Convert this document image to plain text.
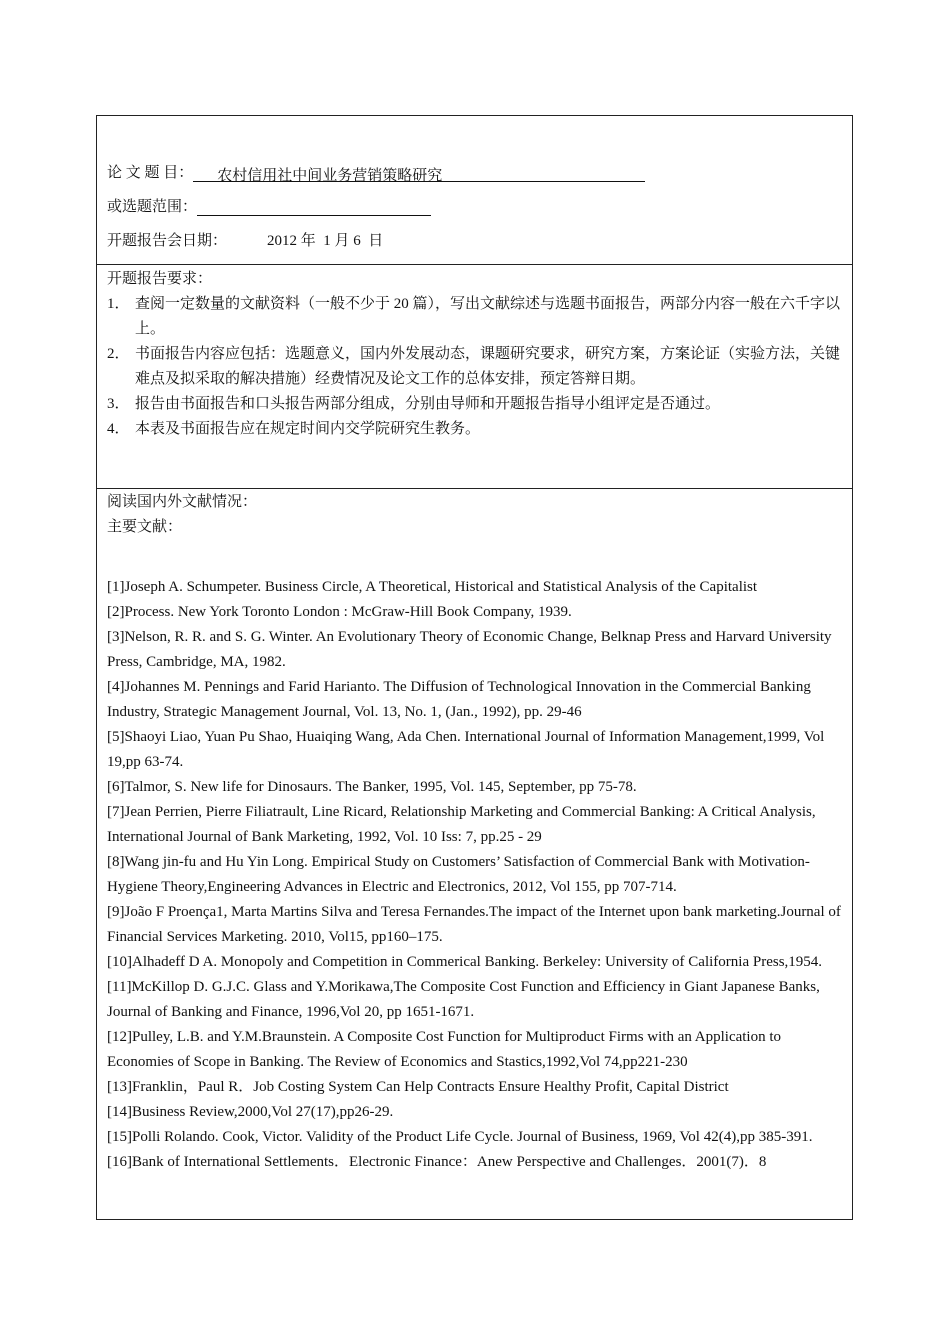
论 文 题 目： 农村信用社中间业务营销策略研究
或选题范围：
开题报告会日期：	2012 年  1 月 6  日
开题报告要求：
1． 查阅一定数量的文献资料（一般不少于 20 篇），写出文献综述与选题书面报告，两部分内容一般在六千字以上。
2． 书面报告内容应包括：选题意义，国内外发展动态，课题研究要求，研究方案，方案论证（实验方法，关键难点及拟采取的解决措施）经费情况及论文工作的总体安排，预定答辩日期。
3． 报告由书面报告和口头报告两部分组成，分别由导师和开题报告指导小组评定是否通过。
4． 本表及书面报告应在规定时间内交学院研究生教务。
阅读国内外文献情况：
主要文献：

[1]Joseph A. Schumpeter. Business Circle, A Theoretical, Historical and Statistical Analysis of the Capitalist

[2]Process. New York Toronto London : McGraw-Hill Book Company, 1939.

[3]Nelson, R. R. and S. G. Winter. An Evolutionary Theory of Economic Change, Belknap Press and Harvard University Press, Cambridge, MA, 1982.

[4]Johannes M. Pennings and Farid Harianto. The Diffusion of Technological Innovation in the Commercial Banking Industry, Strategic Management Journal, Vol. 13, No. 1, (Jan., 1992), pp. 29-46

[5]Shaoyi Liao, Yuan Pu Shao, Huaiqing Wang, Ada Chen. International Journal of Information Management,1999, Vol 19,pp 63-74.

[6]Talmor, S. New life for Dinosaurs. The Banker, 1995, Vol. 145, September, pp 75-78.

[7]Jean Perrien, Pierre Filiatrault, Line Ricard, Relationship Marketing and Commercial Banking: A Critical Analysis, International Journal of Bank Marketing, 1992, Vol. 10 Iss: 7, pp.25 - 29

[8]Wang jin-fu and Hu Yin Long. Empirical Study on Customers’ Satisfaction of Commercial Bank with Motivation-Hygiene Theory,Engineering Advances in Electric and Electronics, 2012, Vol 155, pp 707-714.

[9]João F Proença1, Marta Martins Silva and Teresa Fernandes.The impact of the Internet upon bank marketing.Journal of Financial Services Marketing. 2010, Vol15, pp160–175.

[10]Alhadeff D A. Monopoly and Competition in Commerical Banking. Berkeley: University of California Press,1954.

[11]McKillop D. G.J.C. Glass and Y.Morikawa,The Composite Cost Function and Efficiency in Giant Japanese Banks, Journal of Banking and Finance, 1996,Vol 20, pp 1651-1671.

[12]Pulley, L.B. and Y.M.Braunstein. A Composite Cost Function for Multiproduct Firms with an Application to Economies of Scope in Banking. The Review of Economics and Stastics,1992,Vol 74,pp221-230

[13]Franklin，Paul R．Job Costing System Can Help Contracts Ensure Healthy Profit, Capital District

[14]Business Review,2000,Vol 27(17),pp26-29.

[15]Polli Rolando. Cook, Victor. Validity of the Product Life Cycle. Journal of Business, 1969, Vol 42(4),pp 385-391.

[16]Bank of International Settlements．Electronic Finance：Anew Perspective and Challenges．2001(7)．8
